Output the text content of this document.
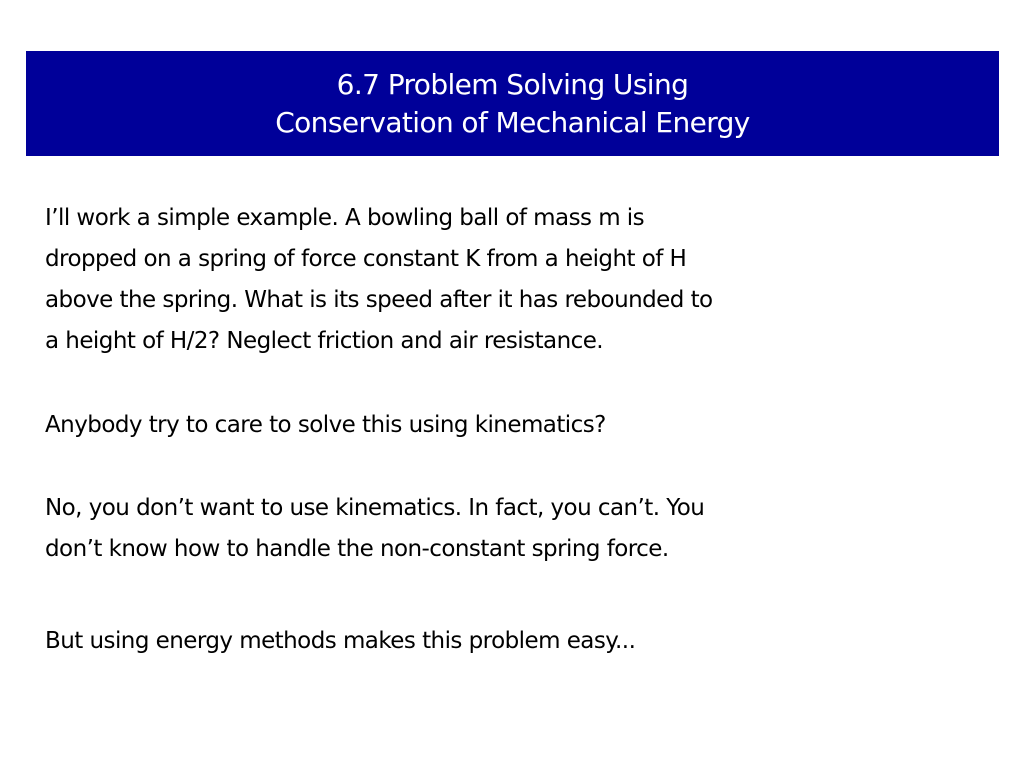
6.7 Problem Solving Using
Conservation of Mechanical Energy

I’ll work a simple example. A bowling ball of mass m is
dropped on a spring of force constant K from a height of H
above the spring. What is its speed after it has rebounded to
a height of H/2? Neglect friction and air resistance.

Anybody try to care to solve this using kinematics?

No, you don’t want to use kinematics. In fact, you can’t. You
don’t know how to handle the non-constant spring force.

But using energy methods makes this problem easy...
